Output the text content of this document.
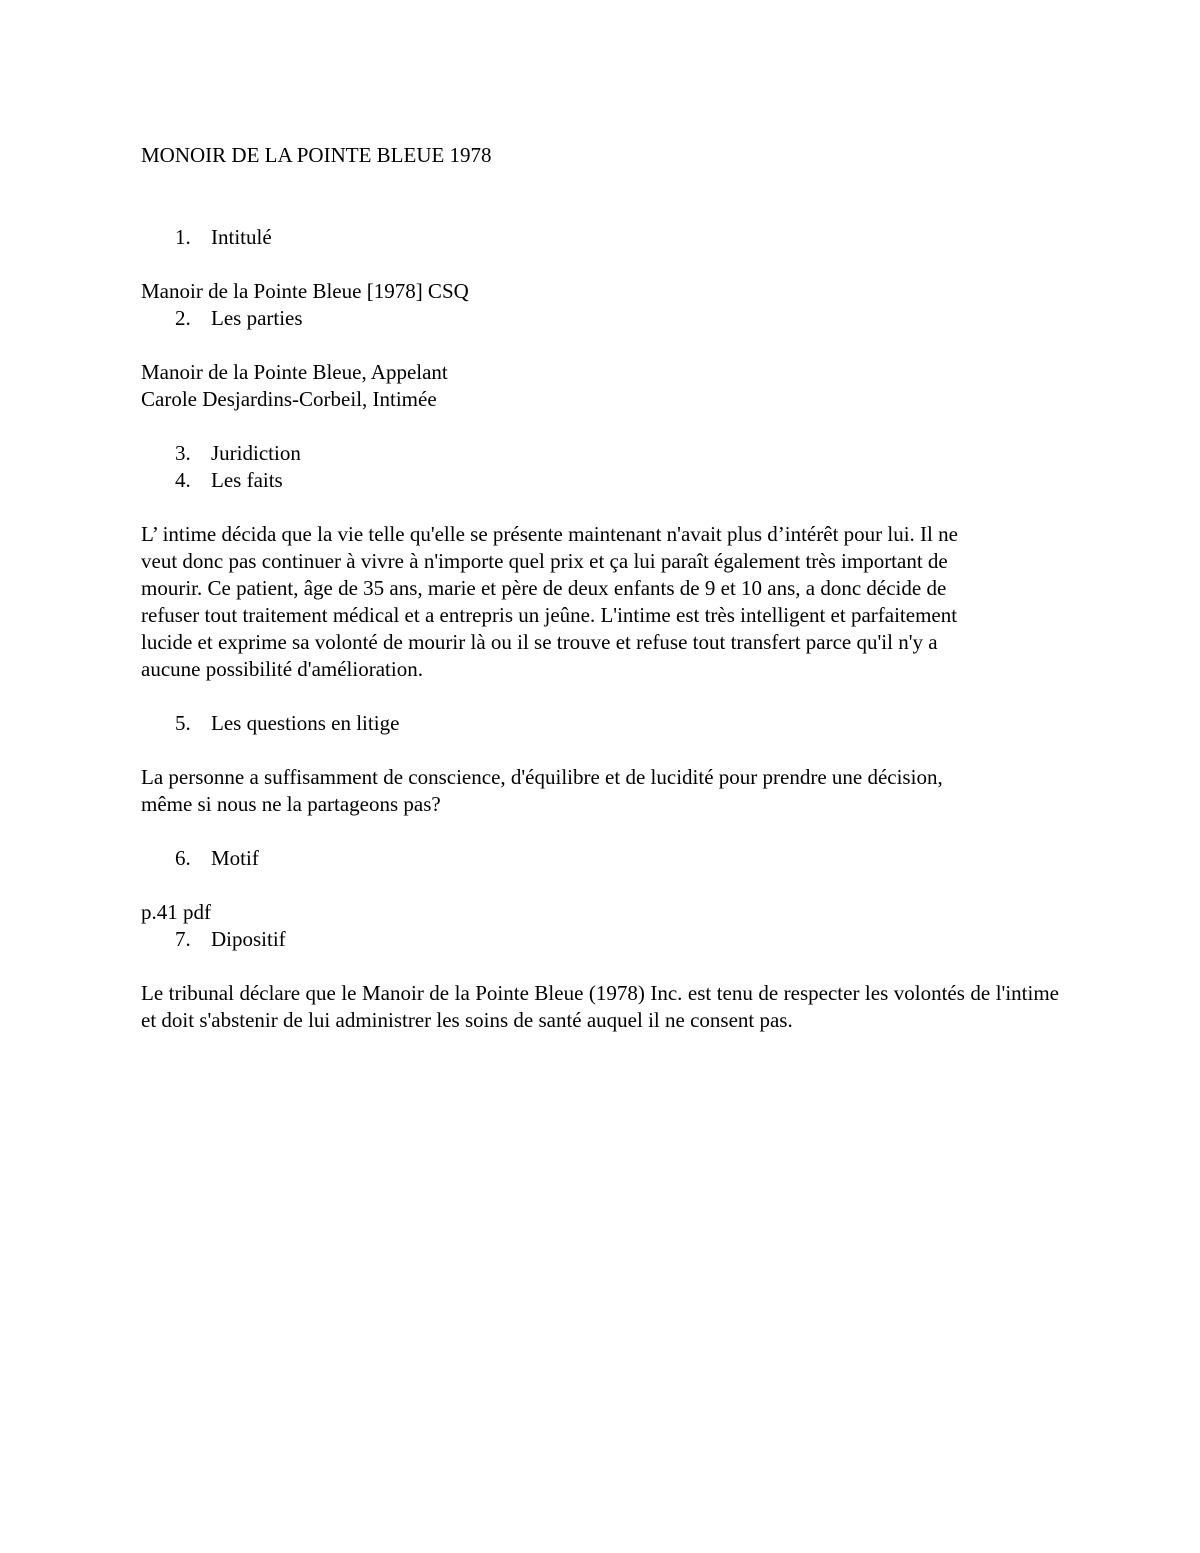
MONOIR DE LA POINTE BLEUE 1978
1. Intitulé
Manoir de la Pointe Bleue [1978] CSQ
2. Les parties
Manoir de la Pointe Bleue, Appelant
Carole Desjardins-Corbeil, Intimée
3. Juridiction
4. Les faits
L’ intime décida que la vie telle qu'elle se présente maintenant n'avait plus d’intérêt pour lui. Il ne
veut donc pas continuer à vivre à n'importe quel prix et ça lui paraît également très important de
mourir. Ce patient, âge de 35 ans, marie et père de deux enfants de 9 et 10 ans, a donc décide de
refuser tout traitement médical et a entrepris un jeûne. L'intime est très intelligent et parfaitement
lucide et exprime sa volonté de mourir là ou il se trouve et refuse tout transfert parce qu'il n'y a
aucune possibilité d'amélioration.
5. Les questions en litige
La personne a suffisamment de conscience, d'équilibre et de lucidité pour prendre une décision,
même si nous ne la partageons pas?
6. Motif
p.41 pdf
7. Dipositif

Le tribunal déclare que le Manoir de la Pointe Bleue (1978) Inc. est tenu de respecter les volontés de l'intime et doit s'abstenir de lui administrer les soins de santé auquel il ne consent pas.
